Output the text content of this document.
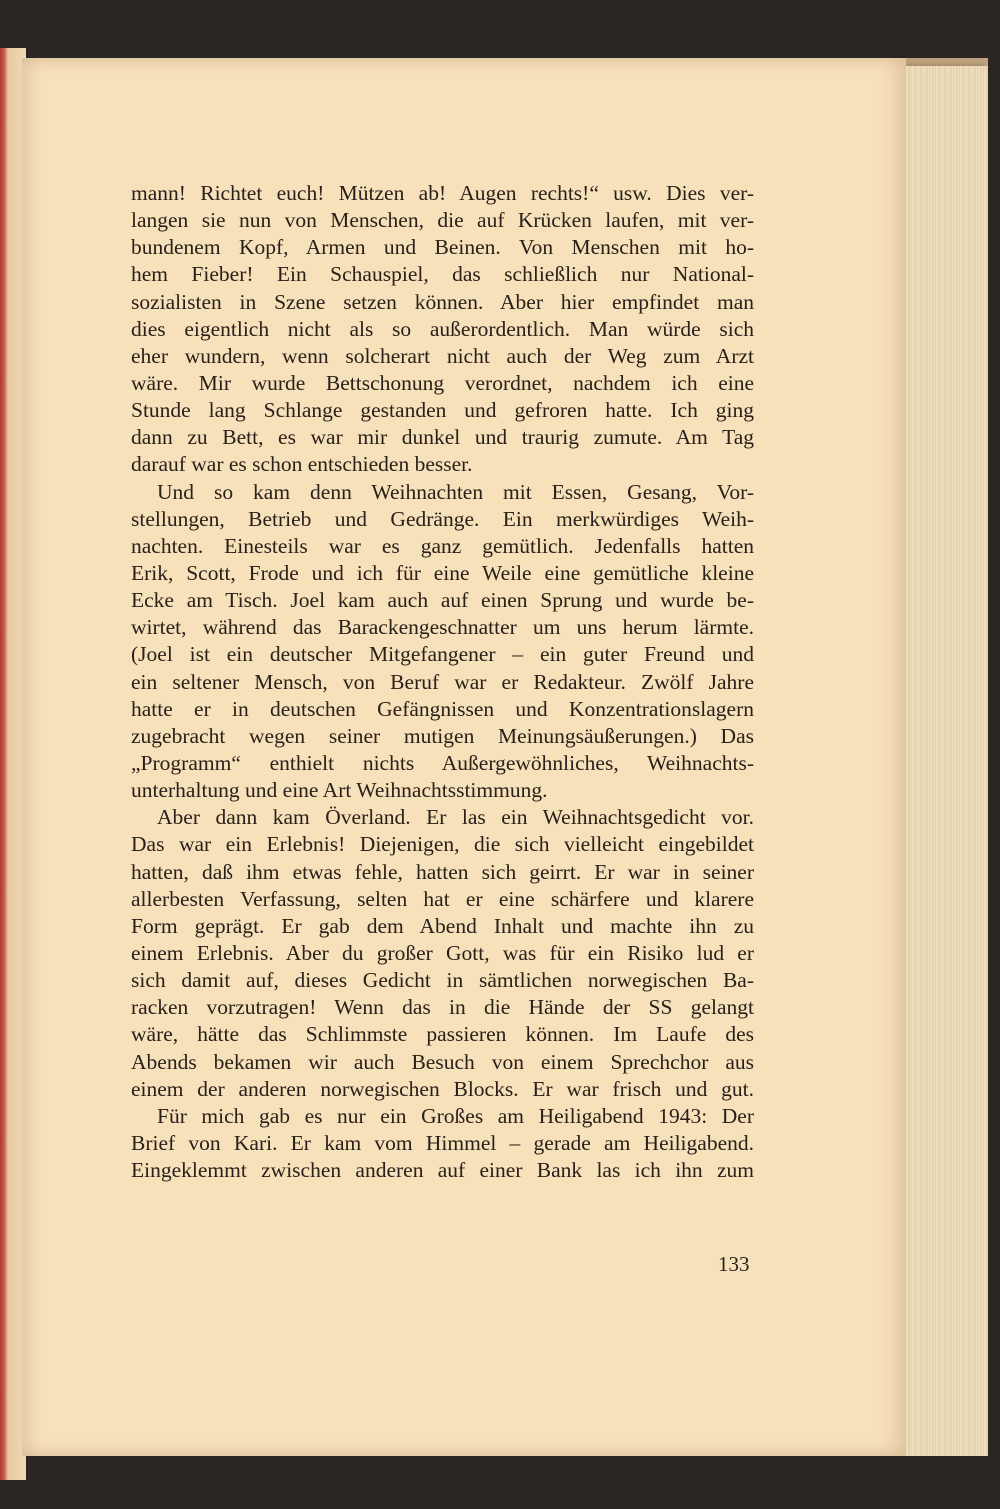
mann! Richtet euch! Mützen ab! Augen rechts!“ usw. Dies ver-
langen sie nun von Menschen, die auf Krücken laufen, mit ver-
bundenem Kopf, Armen und Beinen. Von Menschen mit ho-
hem Fieber! Ein Schauspiel, das schließlich nur National-
sozialisten in Szene setzen können. Aber hier empfindet man
dies eigentlich nicht als so außerordentlich. Man würde sich
eher wundern, wenn solcherart nicht auch der Weg zum Arzt
wäre. Mir wurde Bettschonung verordnet, nachdem ich eine
Stunde lang Schlange gestanden und gefroren hatte. Ich ging
dann zu Bett, es war mir dunkel und traurig zumute. Am Tag
darauf war es schon entschieden besser.
Und so kam denn Weihnachten mit Essen, Gesang, Vor-
stellungen, Betrieb und Gedränge. Ein merkwürdiges Weih-
nachten. Einesteils war es ganz gemütlich. Jedenfalls hatten
Erik, Scott, Frode und ich für eine Weile eine gemütliche kleine
Ecke am Tisch. Joel kam auch auf einen Sprung und wurde be-
wirtet, während das Barackengeschnatter um uns herum lärmte.
(Joel ist ein deutscher Mitgefangener – ein guter Freund und
ein seltener Mensch, von Beruf war er Redakteur. Zwölf Jahre
hatte er in deutschen Gefängnissen und Konzentrationslagern
zugebracht wegen seiner mutigen Meinungsäußerungen.) Das
„Programm“ enthielt nichts Außergewöhnliches, Weihnachts-
unterhaltung und eine Art Weihnachtsstimmung.
Aber dann kam Överland. Er las ein Weihnachtsgedicht vor.
Das war ein Erlebnis! Diejenigen, die sich vielleicht eingebildet
hatten, daß ihm etwas fehle, hatten sich geirrt. Er war in seiner
allerbesten Verfassung, selten hat er eine schärfere und klarere
Form geprägt. Er gab dem Abend Inhalt und machte ihn zu
einem Erlebnis. Aber du großer Gott, was für ein Risiko lud er
sich damit auf, dieses Gedicht in sämtlichen norwegischen Ba-
racken vorzutragen! Wenn das in die Hände der SS gelangt
wäre, hätte das Schlimmste passieren können. Im Laufe des
Abends bekamen wir auch Besuch von einem Sprechchor aus
einem der anderen norwegischen Blocks. Er war frisch und gut.
Für mich gab es nur ein Großes am Heiligabend 1943: Der
Brief von Kari. Er kam vom Himmel – gerade am Heiligabend.
Eingeklemmt zwischen anderen auf einer Bank las ich ihn zum
133
